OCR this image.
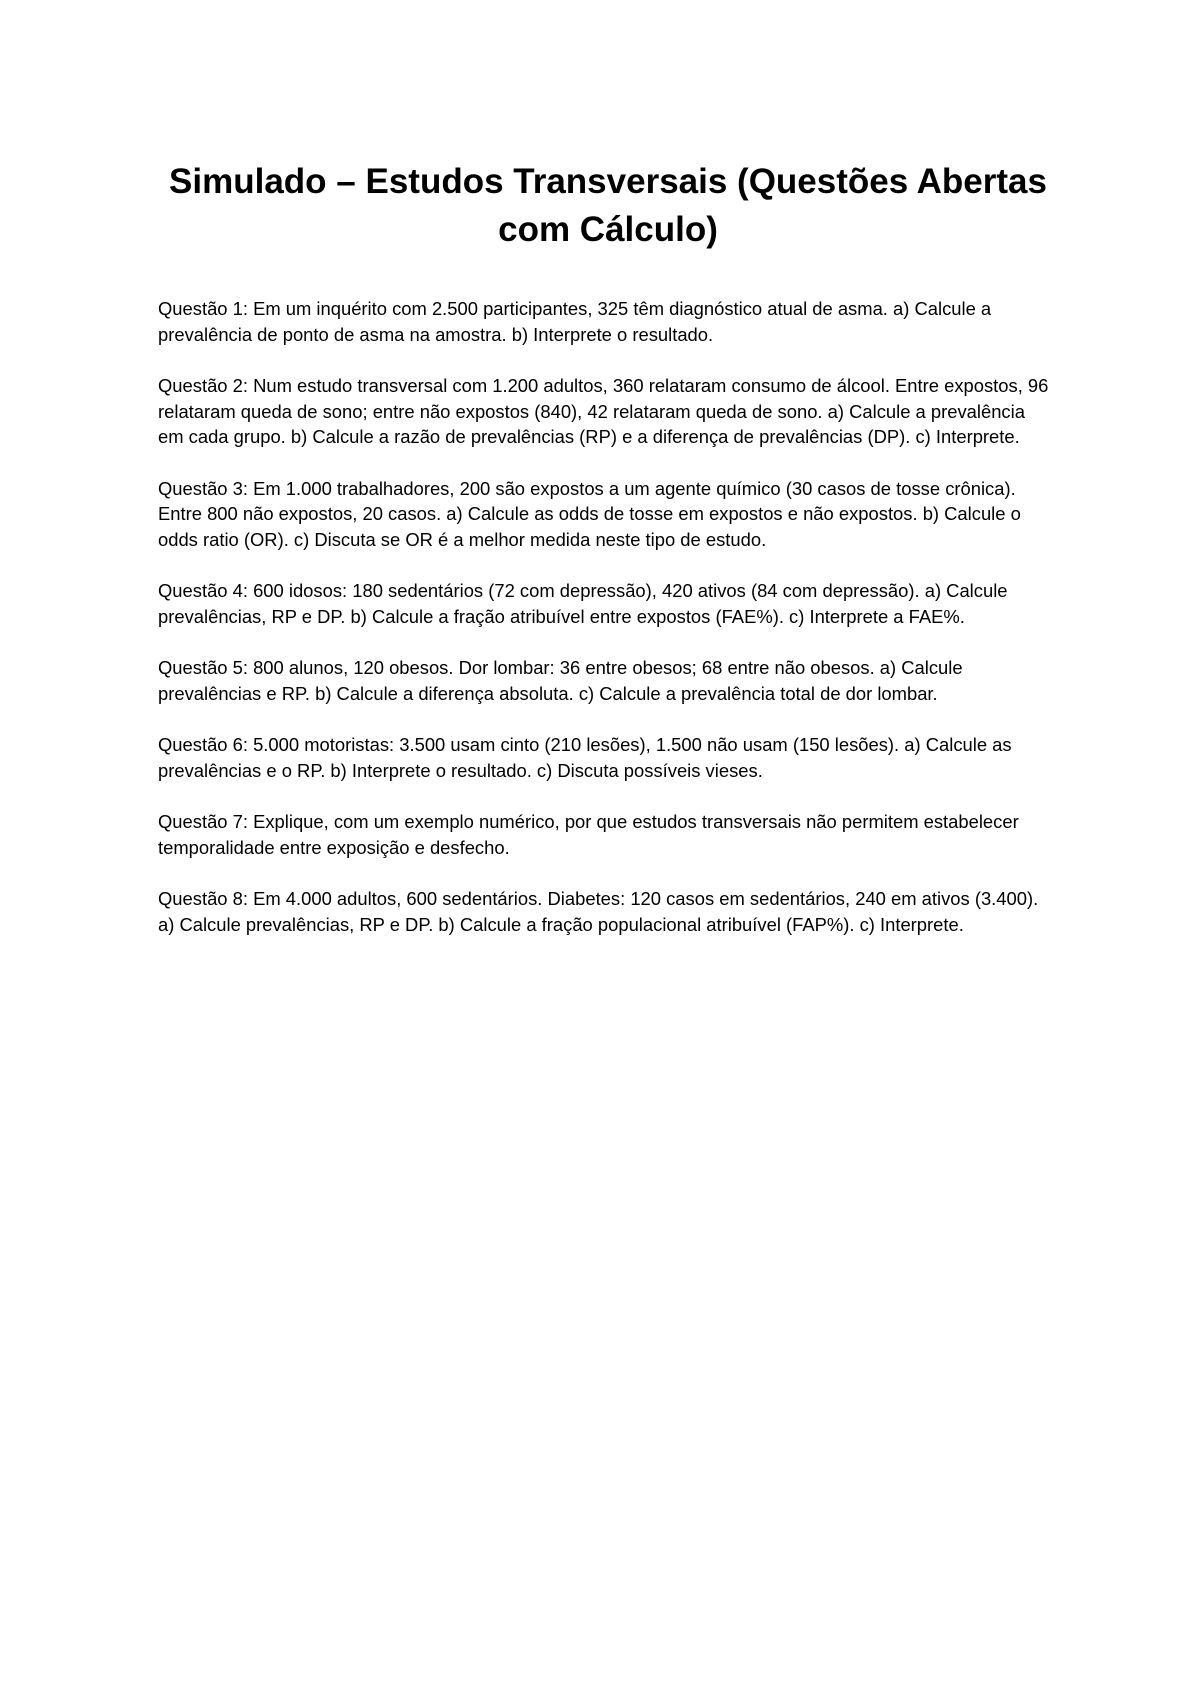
Simulado – Estudos Transversais (Questões Abertas com Cálculo)

Questão 1: Em um inquérito com 2.500 participantes, 325 têm diagnóstico atual de asma. a) Calcule a prevalência de ponto de asma na amostra. b) Interprete o resultado.

Questão 2: Num estudo transversal com 1.200 adultos, 360 relataram consumo de álcool. Entre expostos, 96 relataram queda de sono; entre não expostos (840), 42 relataram queda de sono. a) Calcule a prevalência em cada grupo. b) Calcule a razão de prevalências (RP) e a diferença de prevalências (DP). c) Interprete.

Questão 3: Em 1.000 trabalhadores, 200 são expostos a um agente químico (30 casos de tosse crônica). Entre 800 não expostos, 20 casos. a) Calcule as odds de tosse em expostos e não expostos. b) Calcule o odds ratio (OR). c) Discuta se OR é a melhor medida neste tipo de estudo.

Questão 4: 600 idosos: 180 sedentários (72 com depressão), 420 ativos (84 com depressão). a) Calcule prevalências, RP e DP. b) Calcule a fração atribuível entre expostos (FAE%). c) Interprete a FAE%.

Questão 5: 800 alunos, 120 obesos. Dor lombar: 36 entre obesos; 68 entre não obesos. a) Calcule prevalências e RP. b) Calcule a diferença absoluta. c) Calcule a prevalência total de dor lombar.

Questão 6: 5.000 motoristas: 3.500 usam cinto (210 lesões), 1.500 não usam (150 lesões). a) Calcule as prevalências e o RP. b) Interprete o resultado. c) Discuta possíveis vieses.

Questão 7: Explique, com um exemplo numérico, por que estudos transversais não permitem estabelecer temporalidade entre exposição e desfecho.

Questão 8: Em 4.000 adultos, 600 sedentários. Diabetes: 120 casos em sedentários, 240 em ativos (3.400). a) Calcule prevalências, RP e DP. b) Calcule a fração populacional atribuível (FAP%). c) Interprete.
